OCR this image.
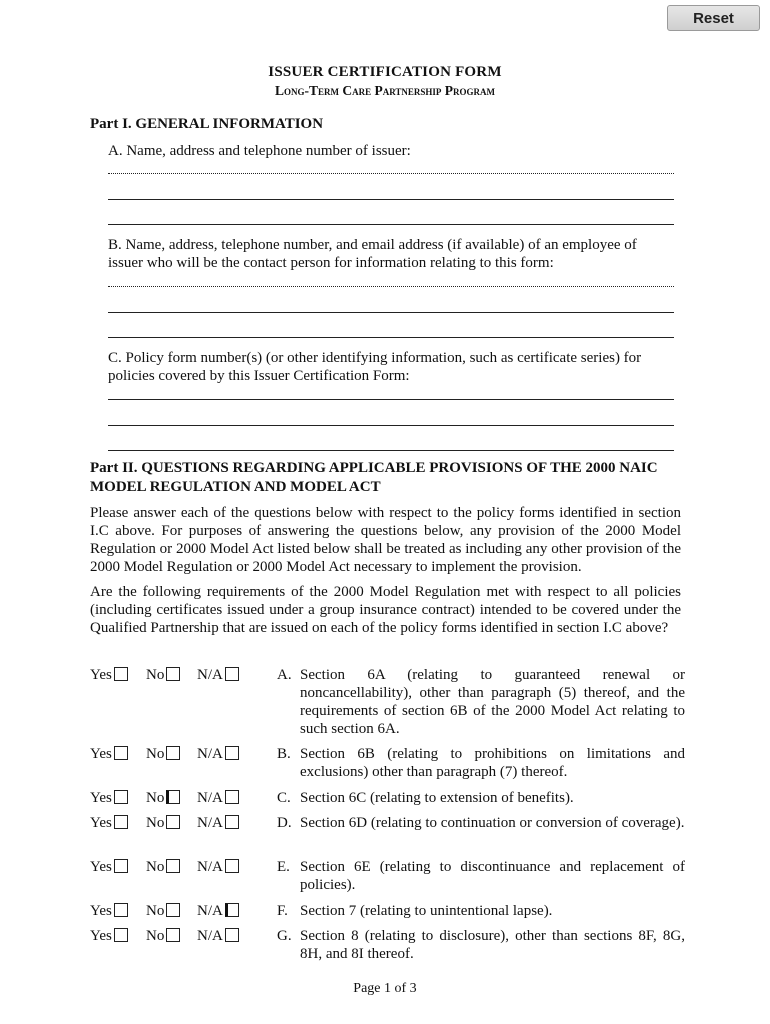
Reset
ISSUER CERTIFICATION FORM
Long-Term Care Partnership Program
Part I. GENERAL INFORMATION
A. Name, address and telephone number of issuer:
B. Name, address, telephone number, and email address (if available) of an employee of
issuer who will be the contact person for information relating to this form:
C. Policy form number(s) (or other identifying information, such as certificate series) for
policies covered by this Issuer Certification Form:
Part II. QUESTIONS REGARDING APPLICABLE PROVISIONS OF THE 2000 NAIC
MODEL REGULATION AND MODEL ACT
Please answer each of the questions below with respect to the policy forms identified in section I.C above. For purposes of answering the questions below, any provision of the 2000 Model Regulation or 2000 Model Act listed below shall be treated as including any other provision of the 2000 Model Regulation or 2000 Model Act necessary to implement the provision.
Are the following requirements of the 2000 Model Regulation met with respect to all policies (including certificates issued under a group insurance contract) intended to be covered under the Qualified Partnership that are issued on each of the policy forms identified in section I.C above?
Yes	No	N/A	A. Section 6A (relating to guaranteed renewal or noncancellability), other than paragraph (5) thereof, and the requirements of section 6B of the 2000 Model Act relating to such section 6A.
Yes	No	N/A	B. Section 6B (relating to prohibitions on limitations and exclusions) other than paragraph (7) thereof.
Yes	No	N/A	C. Section 6C (relating to extension of benefits).
Yes	No	N/A	D. Section 6D (relating to continuation or conversion of coverage).
Yes	No	N/A	E. Section 6E (relating to discontinuance and replacement of policies).
Yes	No	N/A	F. Section 7 (relating to unintentional lapse).
Yes	No	N/A	G. Section 8 (relating to disclosure), other than sections 8F, 8G, 8H, and 8I thereof.
Page 1 of 3
